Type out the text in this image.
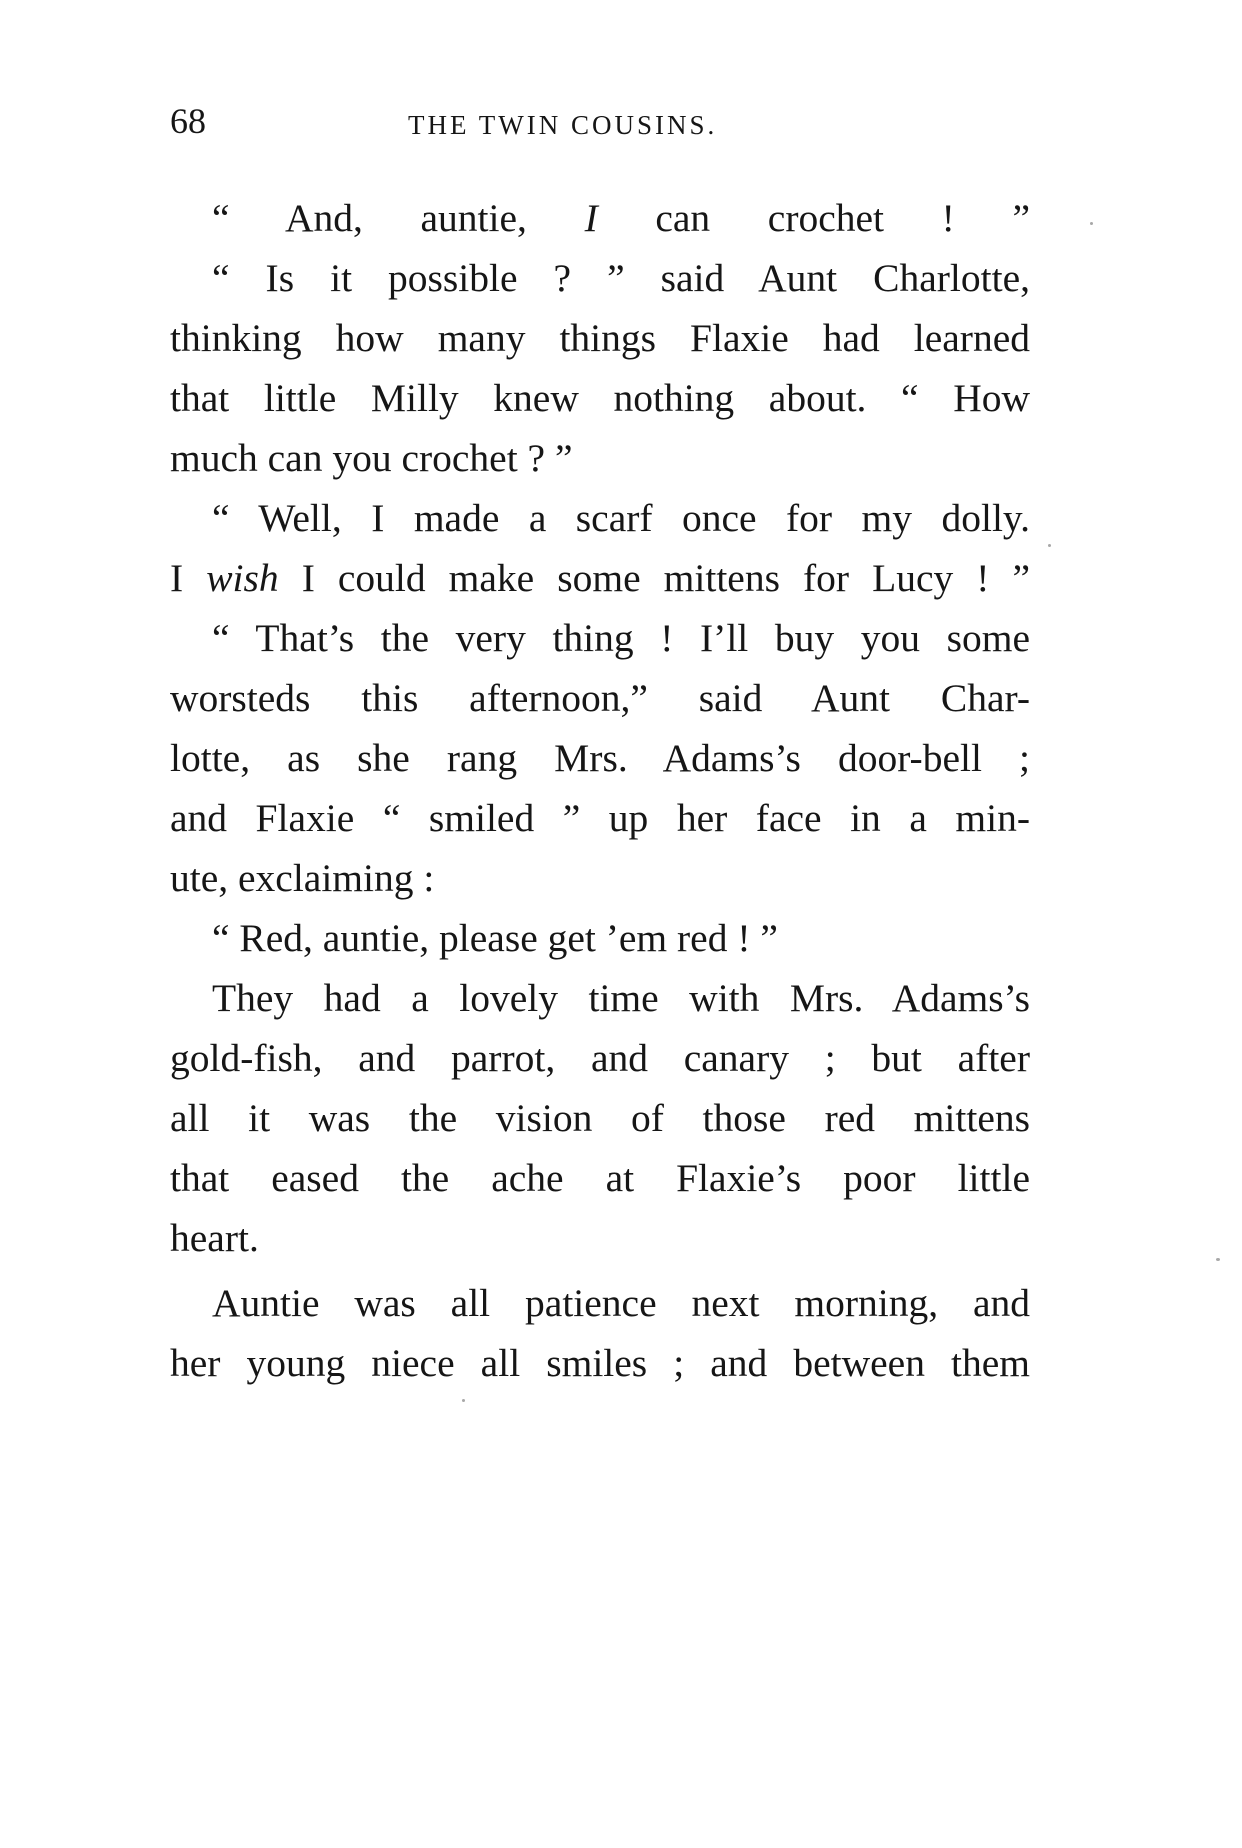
68	THE TWIN COUSINS.
“ And, auntie, I can crochet ! ”
“ Is it possible ? ” said Aunt Charlotte,
thinking how many things Flaxie had learned
that little Milly knew nothing about. “ How
much can you crochet ? ”
“ Well, I made a scarf once for my dolly.
I wish I could make some mittens for Lucy ! ”
“ That’s the very thing ! I’ll buy you some
worsteds this afternoon,” said Aunt Char-
lotte, as she rang Mrs. Adams’s door-bell ;
and Flaxie “ smiled ” up her face in a min-
ute, exclaiming :
“ Red, auntie, please get ’em red ! ”
They had a lovely time with Mrs. Adams’s
gold-fish, and parrot, and canary ; but after
all it was the vision of those red mittens
that eased the ache at Flaxie’s poor little
heart.
Auntie was all patience next morning, and
her young niece all smiles ; and between them
